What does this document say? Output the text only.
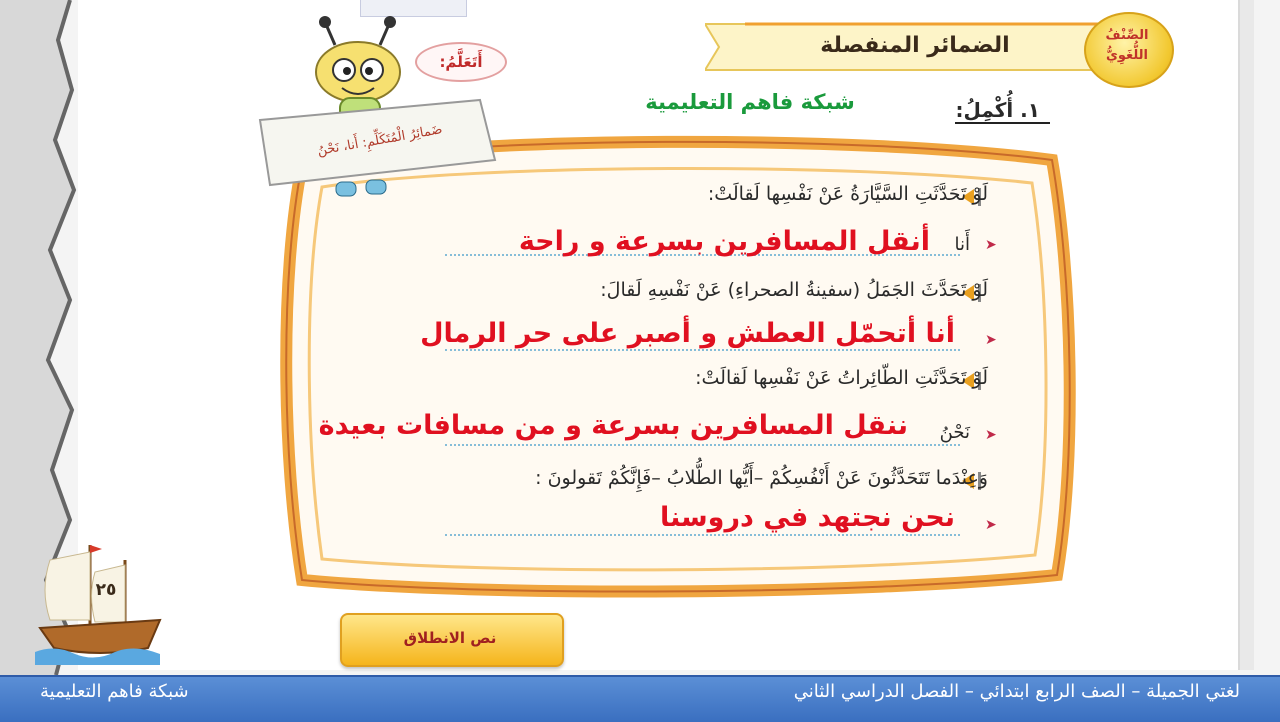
الضمائر المنفصلة	الصِّنْفُ اللُّغَوِيُّ
شبكة فاهم التعليمية	١. أُكْمِلُ:
أَتَعَلَّمُ:
ضَمائِرُ الْمُتَكَلِّمِ: أَنا، نَحْنُ
لَوْ تَحَدَّثَتِ السَّيَّارَةُ عَنْ نَفْسِها لَقالَتْ:
➤
أَنا
أنقل المسافرين بسرعة و راحة
لَوْ تَحَدَّثَ الجَمَلُ (سفينةُ الصحراءِ) عَنْ نَفْسِهِ لَقالَ:
➤
أنا أتحمّل العطش و أصبر على حر الرمال
لَوْ تَحَدَّثَتِ الطّائِراتُ عَنْ نَفْسِها لَقالَتْ:
➤
نَحْنُ
ننقل المسافرين بسرعة و من مسافات بعيدة
وَعِنْدَما تَتَحَدَّثُونَ عَنْ أَنْفُسِكُمْ –أَيُّها الطُّلابُ –فَإِنَّكُمْ تَقولونَ :
➤
نحن نجتهد في دروسنا
٢٥
نص الانطلاق
شبكة فاهم التعليمية	لغتي الجميلة – الصف الرابع ابتدائي – الفصل الدراسي الثاني
